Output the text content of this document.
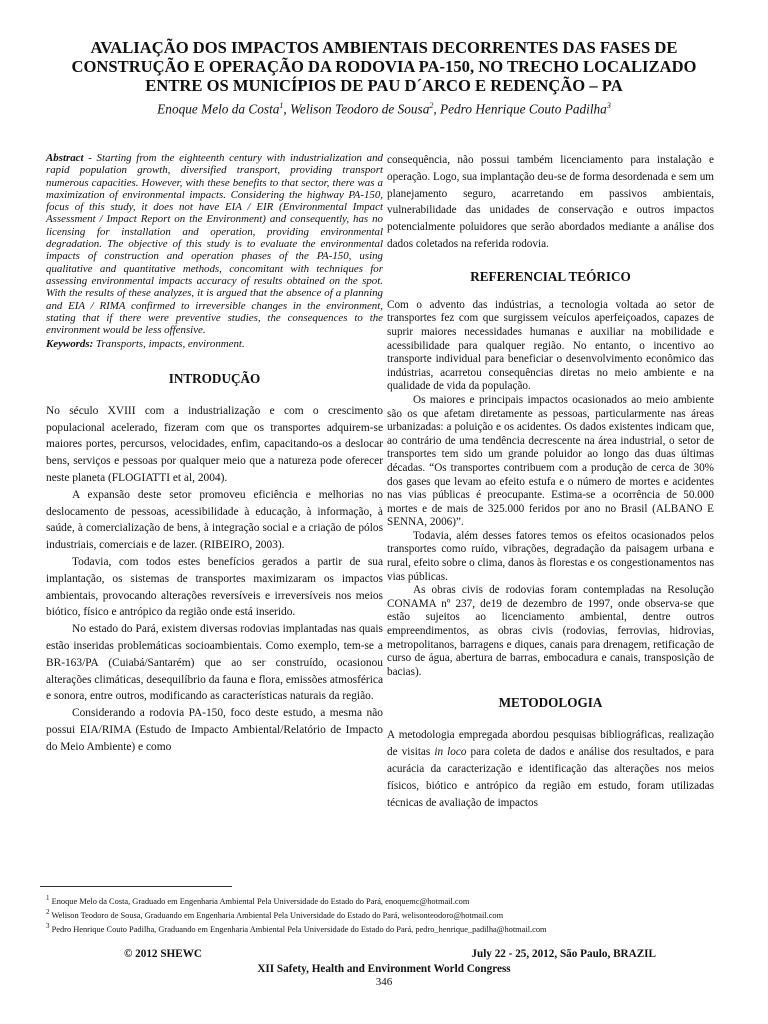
AVALIAÇÃO DOS IMPACTOS AMBIENTAIS DECORRENTES DAS FASES DE
CONSTRUÇÃO E OPERAÇÃO DA RODOVIA PA-150, NO TRECHO LOCALIZADO
ENTRE OS MUNICÍPIOS DE PAU D´ARCO E REDENÇÃO – PA
Enoque Melo da Costa$^1$, Welison Teodoro de Sousa$^2$, Pedro Henrique Couto Padilha$^3$

Abstract - Starting from the eighteenth century with industrialization and rapid population growth, diversified transport, providing transport numerous capacities. However, with these benefits to that sector, there was a maximization of environmental impacts. Considering the highway PA-150, focus of this study, it does not have EIA / EIR (Environmental Impact Assessment / Impact Report on the Environment) and consequently, has no licensing for installation and operation, providing environmental degradation. The objective of this study is to evaluate the environmental impacts of construction and operation phases of the PA-150, using qualitative and quantitative methods, concomitant with techniques for assessing environmental impacts accuracy of results obtained on the spot. With the results of these analyzes, it is argued that the absence of a planning and EIA / RIMA confirmed to irreversible changes in the environment, stating that if there were preventive studies, the consequences to the environment would be less offensive.

Keywords: Transports, impacts, environment.

INTRODUÇÃO

No século XVIII com a industrialização e com o crescimento populacional acelerado, fizeram com que os transportes adquirem-se maiores portes, percursos, velocidades, enfim, capacitando-os a deslocar bens, serviços e pessoas por qualquer meio que a natureza pode oferecer neste planeta (FLOGIATTI et al, 2004).

A expansão deste setor promoveu eficiência e melhorias no deslocamento de pessoas, acessibilidade à educação, à informação, à saúde, à comercialização de bens, à integração social e a criação de pólos industriais, comerciais e de lazer. (RIBEIRO, 2003).

Todavia, com todos estes benefícios gerados a partir de sua implantação, os sistemas de transportes maximizaram os impactos ambientais, provocando alterações reversíveis e irreversíveis nos meios biótico, físico e antrópico da região onde está inserido.

No estado do Pará, existem diversas rodovias implantadas nas quais estão inseridas problemáticas socioambientais. Como exemplo, tem-se a BR-163/PA (Cuiabá/Santarém) que ao ser construído, ocasionou alterações climáticas, desequilíbrio da fauna e flora, emissões atmosférica e sonora, entre outros, modificando as características naturais da região.

Considerando a rodovia PA-150, foco deste estudo, a mesma não possui EIA/RIMA (Estudo de Impacto Ambiental/Relatório de Impacto do Meio Ambiente) e como

consequência, não possui também licenciamento para instalação e operação. Logo, sua implantação deu-se de forma desordenada e sem um planejamento seguro, acarretando em passivos ambientais, vulnerabilidade das unidades de conservação e outros impactos potencialmente poluidores que serão abordados mediante a análise dos dados coletados na referida rodovia.

REFERENCIAL TEÓRICO

Com o advento das indústrias, a tecnologia voltada ao setor de transportes fez com que surgissem veículos aperfeiçoados, capazes de suprir maiores necessidades humanas e auxiliar na mobilidade e acessibilidade para qualquer região. No entanto, o incentivo ao transporte individual para beneficiar o desenvolvimento econômico das indústrias, acarretou consequências diretas no meio ambiente e na qualidade de vida da população.

Os maiores e principais impactos ocasionados ao meio ambiente são os que afetam diretamente as pessoas, particularmente nas áreas urbanizadas: a poluição e os acidentes. Os dados existentes indicam que, ao contrário de uma tendência decrescente na área industrial, o setor de transportes tem sido um grande poluidor ao longo das duas últimas décadas. “Os transportes contribuem com a produção de cerca de 30% dos gases que levam ao efeito estufa e o número de mortes e acidentes nas vias públicas é preocupante. Estima-se a ocorrência de 50.000 mortes e de mais de 325.000 feridos por ano no Brasil (ALBANO E SENNA, 2006)”.

Todavia, além desses fatores temos os efeitos ocasionados pelos transportes como ruído, vibrações, degradação da paisagem urbana e rural, efeito sobre o clima, danos às florestas e os congestionamentos nas vias públicas.

As obras civis de rodovias foram contempladas na Resolução CONAMA nº 237, de19 de dezembro de 1997, onde observa-se que estão sujeitos ao licenciamento ambiental, dentre outros empreendimentos, as obras civis (rodovias, ferrovias, hidrovias, metropolitanos, barragens e diques, canais para drenagem, retificação de curso de água, abertura de barras, embocadura e canais, transposição de bacias).

METODOLOGIA

A metodologia empregada abordou pesquisas bibliográficas, realização de visitas in loco para coleta de dados e análise dos resultados, e para acurácia da caracterização e identificação das alterações nos meios físicos, biótico e antrópico da região em estudo, foram utilizadas técnicas de avaliação de impactos

$^1$ Enoque Melo da Costa, Graduado em Engenharia Ambiental Pela Universidade do Estado do Pará, enoquemc@hotmail.com
$^2$ Welison Teodoro de Sousa, Graduando em Engenharia Ambiental Pela Universidade do Estado do Pará, welisonteodoro@hotmail.com
$^3$ Pedro Henrique Couto Padilha, Graduando em Engenharia Ambiental Pela Universidade do Estado do Pará, pedro_henrique_padilha@hotmail.com
© 2012 SHEWC	July 22 - 25, 2012, São Paulo, BRAZIL
XII Safety, Health and Environment World Congress
346
